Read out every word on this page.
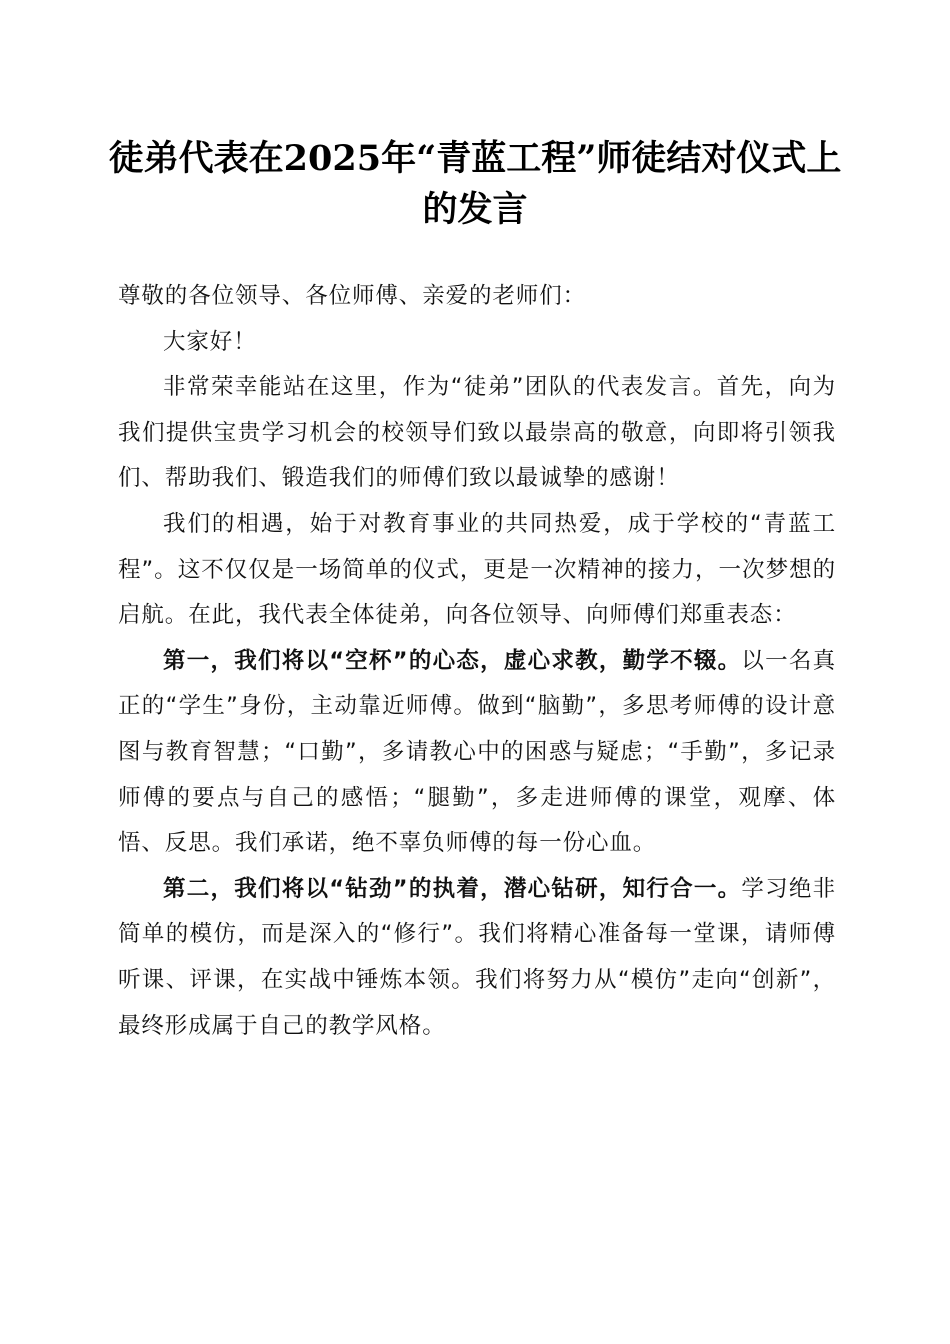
徒弟代表在2025年“青蓝工程”师徒结对仪式上的发言

尊敬的各位领导、各位师傅、亲爱的老师们：

大家好！

非常荣幸能站在这里，作为“徒弟”团队的代表发言。首先，向为我们提供宝贵学习机会的校领导们致以最崇高的敬意，向即将引领我们、帮助我们、锻造我们的师傅们致以最诚挚的感谢！

我们的相遇，始于对教育事业的共同热爱，成于学校的“青蓝工程”。这不仅仅是一场简单的仪式，更是一次精神的接力，一次梦想的启航。在此，我代表全体徒弟，向各位领导、向师傅们郑重表态：

第一，我们将以“空杯”的心态，虚心求教，勤学不辍。以一名真正的“学生”身份，主动靠近师傅。做到“脑勤”，多思考师傅的设计意图与教育智慧；“口勤”，多请教心中的困惑与疑虑；“手勤”，多记录师傅的要点与自己的感悟；“腿勤”，多走进师傅的课堂，观摩、体悟、反思。我们承诺，绝不辜负师傅的每一份心血。

第二，我们将以“钻劲”的执着，潜心钻研，知行合一。学习绝非简单的模仿，而是深入的“修行”。我们将精心准备每一堂课，请师傅听课、评课，在实战中锤炼本领。我们将努力从“模仿”走向“创新”，最终形成属于自己的教学风格。
